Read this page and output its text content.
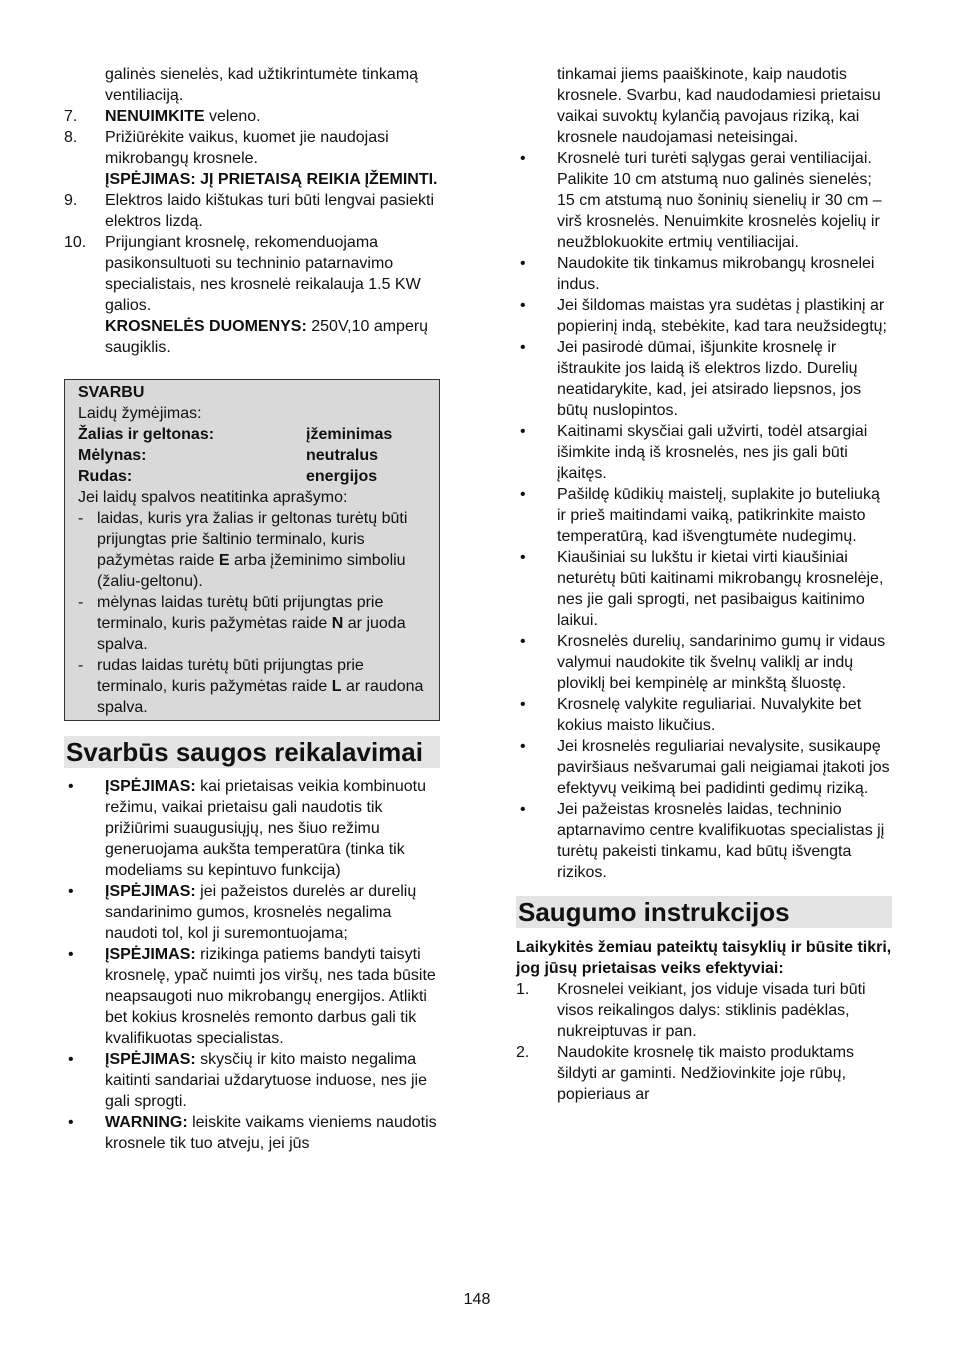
galinės sienelės, kad užtikrintumėte tinkamą ventiliaciją.
7. NENUIMKITE veleno.
8. Prižiūrėkite vaikus, kuomet jie naudojasi mikrobangų krosnele.
ĮSPĖJIMAS: JĮ PRIETAISĄ REIKIA ĮŽEMINTI.
9. Elektros laido kištukas turi būti lengvai pasiekti elektros lizdą.
10. Prijungiant krosnelę, rekomenduojama pasikonsultuoti su techninio patarnavimo specialistais, nes krosnelė reikalauja 1.5 KW galios.
KROSNELĖS DUOMENYS: 250V,10 amperų saugiklis.
SVARBU
Laidų žymėjimas:
Žalias ir geltonas:	įžeminimas
Mėlynas:	neutralus
Rudas:	energijos
Jei laidų spalvos neatitinka aprašymo:
- laidas, kuris yra žalias ir geltonas turėtų būti prijungtas prie šaltinio terminalo, kuris pažymėtas raide E arba įžeminimo simboliu (žaliu-geltonu).
- mėlynas laidas turėtų būti prijungtas prie terminalo, kuris pažymėtas raide N ar juoda spalva.
- rudas laidas turėtų būti prijungtas prie terminalo, kuris pažymėtas raide L ar raudona spalva.
Svarbūs saugos reikalavimai
• ĮSPĖJIMAS: kai prietaisas veikia kombinuotu režimu, vaikai prietaisu gali naudotis tik prižiūrimi suaugusiųjų, nes šiuo režimu generuojama aukšta temperatūra (tinka tik modeliams su kepintuvo funkcija)
• ĮSPĖJIMAS: jei pažeistos durelės ar durelių sandarinimo gumos, krosnelės negalima naudoti tol, kol ji suremontuojama;
• ĮSPĖJIMAS: rizikinga patiems bandyti taisyti krosnelę, ypač nuimti jos viršų, nes tada būsite neapsaugoti nuo mikrobangų energijos. Atlikti bet kokius krosnelės remonto darbus gali tik kvalifikuotas specialistas.
• ĮSPĖJIMAS: skysčių ir kito maisto negalima kaitinti sandariai uždarytuose induose, nes jie gali sprogti.
• WARNING: leiskite vaikams vieniems naudotis krosnele tik tuo atveju, jei jūs
tinkamai jiems paaiškinote, kaip naudotis krosnele. Svarbu, kad naudodamiesi prietaisu vaikai suvoktų kylančią pavojaus riziką, kai krosnele naudojamasi neteisingai.
• Krosnelė turi turėti sąlygas gerai ventiliacijai. Palikite 10 cm atstumą nuo galinės sienelės; 15 cm atstumą nuo šoninių sienelių ir 30 cm – virš krosnelės. Nenuimkite krosnelės kojelių ir neužblokuokite ertmių ventiliacijai.
• Naudokite tik tinkamus mikrobangų krosnelei indus.
• Jei šildomas maistas yra sudėtas į plastikinį ar popierinį indą, stebėkite, kad tara neužsidegtų;
• Jei pasirodė dūmai, išjunkite krosnelę ir ištraukite jos laidą iš elektros lizdo. Durelių neatidarykite, kad, jei atsirado liepsnos, jos būtų nuslopintos.
• Kaitinami skysčiai gali užvirti, todėl atsargiai išimkite indą iš krosnelės, nes jis gali būti įkaitęs.
• Pašildę kūdikių maistelį, suplakite jo buteliuką ir prieš maitindami vaiką, patikrinkite maisto temperatūrą, kad išvengtumėte nudegimų.
• Kiaušiniai su lukštu ir kietai virti kiaušiniai neturėtų būti kaitinami mikrobangų krosnelėje, nes jie gali sprogti, net pasibaigus kaitinimo laikui.
• Krosnelės durelių, sandarinimo gumų ir vidaus valymui naudokite tik švelnų valiklį ar indų ploviklį bei kempinėlę ar minkštą šluostę.
• Krosnelę valykite reguliariai. Nuvalykite bet kokius maisto likučius.
• Jei krosnelės reguliariai nevalysite, susikaupę paviršiaus nešvarumai gali neigiamai įtakoti jos efektyvų veikimą bei padidinti gedimų riziką.
• Jei pažeistas krosnelės laidas, techninio aptarnavimo centre kvalifikuotas specialistas jį turėtų pakeisti tinkamu, kad būtų išvengta rizikos.
Saugumo instrukcijos
Laikykitės žemiau pateiktų taisyklių ir būsite tikri, jog jūsų prietaisas veiks efektyviai:
1. Krosnelei veikiant, jos viduje visada turi būti visos reikalingos dalys: stiklinis padėklas, nukreiptuvas ir pan.
2. Naudokite krosnelę tik maisto produktams šildyti ar gaminti. Nedžiovinkite joje rūbų, popieriaus ar
148
